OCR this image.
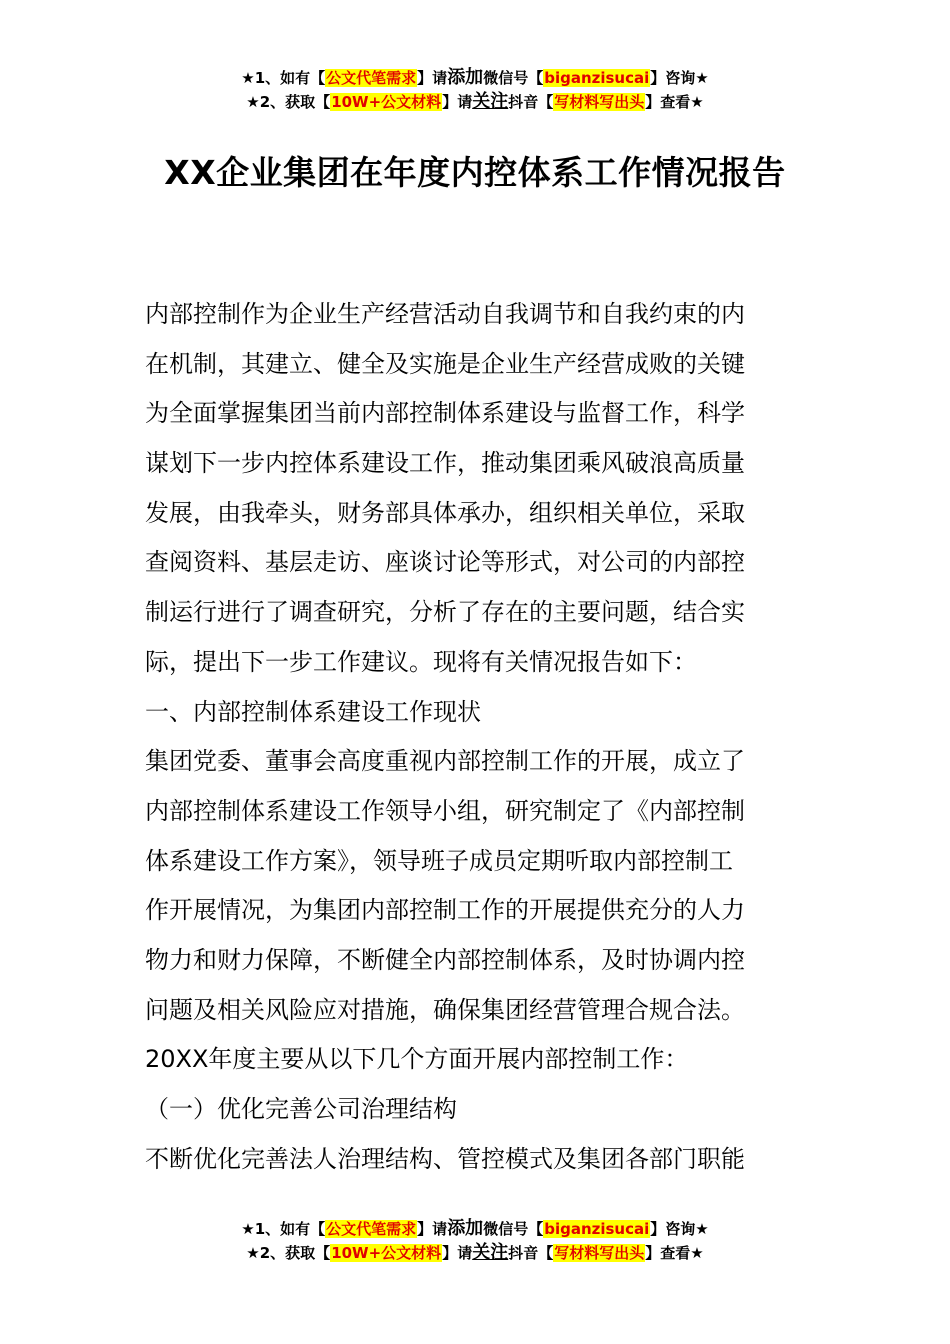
★1、如有【公文代笔需求】请添加微信号【biganzisucai】咨询★
★2、获取【10W+公文材料】请关注抖音【写材料写出头】查看★
XX企业集团在年度内控体系工作情况报告
内部控制作为企业生产经营活动自我调节和自我约束的内
在机制，其建立、健全及实施是企业生产经营成败的关键
为全面掌握集团当前内部控制体系建设与监督工作，科学
谋划下一步内控体系建设工作，推动集团乘风破浪高质量
发展，由我牵头，财务部具体承办，组织相关单位，采取
查阅资料、基层走访、座谈讨论等形式，对公司的内部控
制运行进行了调查研究，分析了存在的主要问题，结合实
际，提出下一步工作建议。现将有关情况报告如下：
一、内部控制体系建设工作现状
集团党委、董事会高度重视内部控制工作的开展，成立了
内部控制体系建设工作领导小组，研究制定了《内部控制
体系建设工作方案》，领导班子成员定期听取内部控制工
作开展情况，为集团内部控制工作的开展提供充分的人力
物力和财力保障，不断健全内部控制体系，及时协调内控
问题及相关风险应对措施，确保集团经营管理合规合法。
20XX年度主要从以下几个方面开展内部控制工作：
（一）优化完善公司治理结构
不断优化完善法人治理结构、管控模式及集团各部门职能
★1、如有【公文代笔需求】请添加微信号【biganzisucai】咨询★
★2、获取【10W+公文材料】请关注抖音【写材料写出头】查看★
